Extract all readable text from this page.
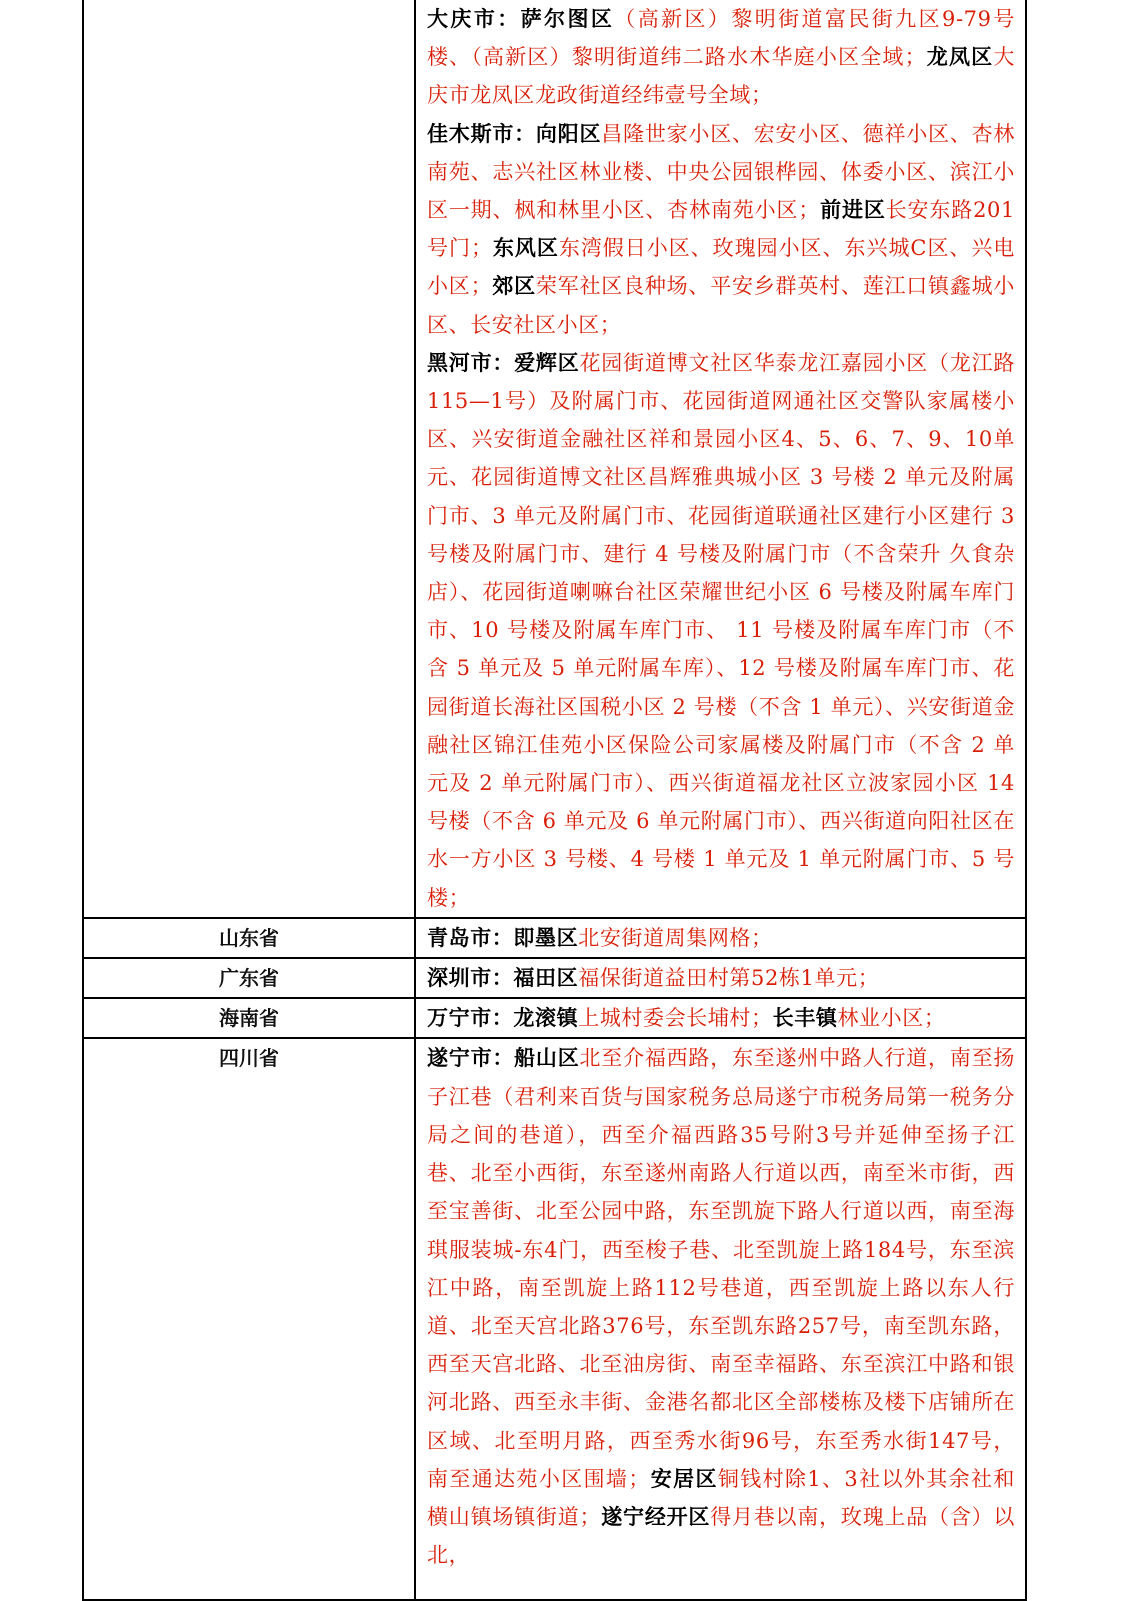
	大庆市：萨尔图区（高新区）黎明街道富民街九区9-79号楼、（高新区）黎明街道纬二路水木华庭小区全域；龙凤区大庆市龙凤区龙政街道经纬壹号全域；
佳木斯市：向阳区昌隆世家小区、宏安小区、德祥小区、杏林南苑、志兴社区林业楼、中央公园银桦园、体委小区、滨江小区一期、枫和林里小区、杏林南苑小区；前进区长安东路201号门；东风区东湾假日小区、玫瑰园小区、东兴城C区、兴电小区；郊区荣军社区良种场、平安乡群英村、莲江口镇鑫城小区、长安社区小区；
黑河市：爱辉区花园街道博文社区华泰龙江嘉园小区（龙江路115—1号）及附属门市、花园街道网通社区交警队家属楼小区、兴安街道金融社区祥和景园小区4、5、6、7、9、10单元、花园街道博文社区昌辉雅典城小区 3 号楼 2 单元及附属门市、3 单元及附属门市、花园街道联通社区建行小区建行 3 号楼及附属门市、建行 4 号楼及附属门市（不含荣升 久食杂店）、花园街道喇嘛台社区荣耀世纪小区 6 号楼及附属车库门市、10 号楼及附属车库门市、 11 号楼及附属车库门市（不含 5 单元及 5 单元附属车库）、12 号楼及附属车库门市、花园街道长海社区国税小区 2 号楼（不含 1 单元）、兴安街道金融社区锦江佳苑小区保险公司家属楼及附属门市（不含 2 单元及 2 单元附属门市）、西兴街道福龙社区立波家园小区 14 号楼（不含 6 单元及 6 单元附属门市）、西兴街道向阳社区在水一方小区 3 号楼、4 号楼 1 单元及 1 单元附属门市、5 号楼；

山东省	青岛市：即墨区北安街道周集网格；

广东省	深圳市：福田区福保街道益田村第52栋1单元；

海南省	万宁市：龙滚镇上城村委会长埔村；长丰镇林业小区；

四川省	遂宁市：船山区北至介福西路，东至遂州中路人行道，南至扬子江巷（君利来百货与国家税务总局遂宁市税务局第一税务分局之间的巷道），西至介福西路35号附3号并延伸至扬子江巷、北至小西街，东至遂州南路人行道以西，南至米市街，西至宝善街、北至公园中路，东至凯旋下路人行道以西，南至海琪服装城-东4门，西至梭子巷、北至凯旋上路184号，东至滨江中路，南至凯旋上路112号巷道，西至凯旋上路以东人行道、北至天宫北路376号，东至凯东路257号，南至凯东路，西至天宫北路、北至油房街、南至幸福路、东至滨江中路和银河北路、西至永丰街、金港名都北区全部楼栋及楼下店铺所在区域、北至明月路，西至秀水街96号，东至秀水街147号，南至通达苑小区围墙；安居区铜钱村除1、3社以外其余社和横山镇场镇街道；遂宁经开区得月巷以南，玫瑰上品（含）以北，
